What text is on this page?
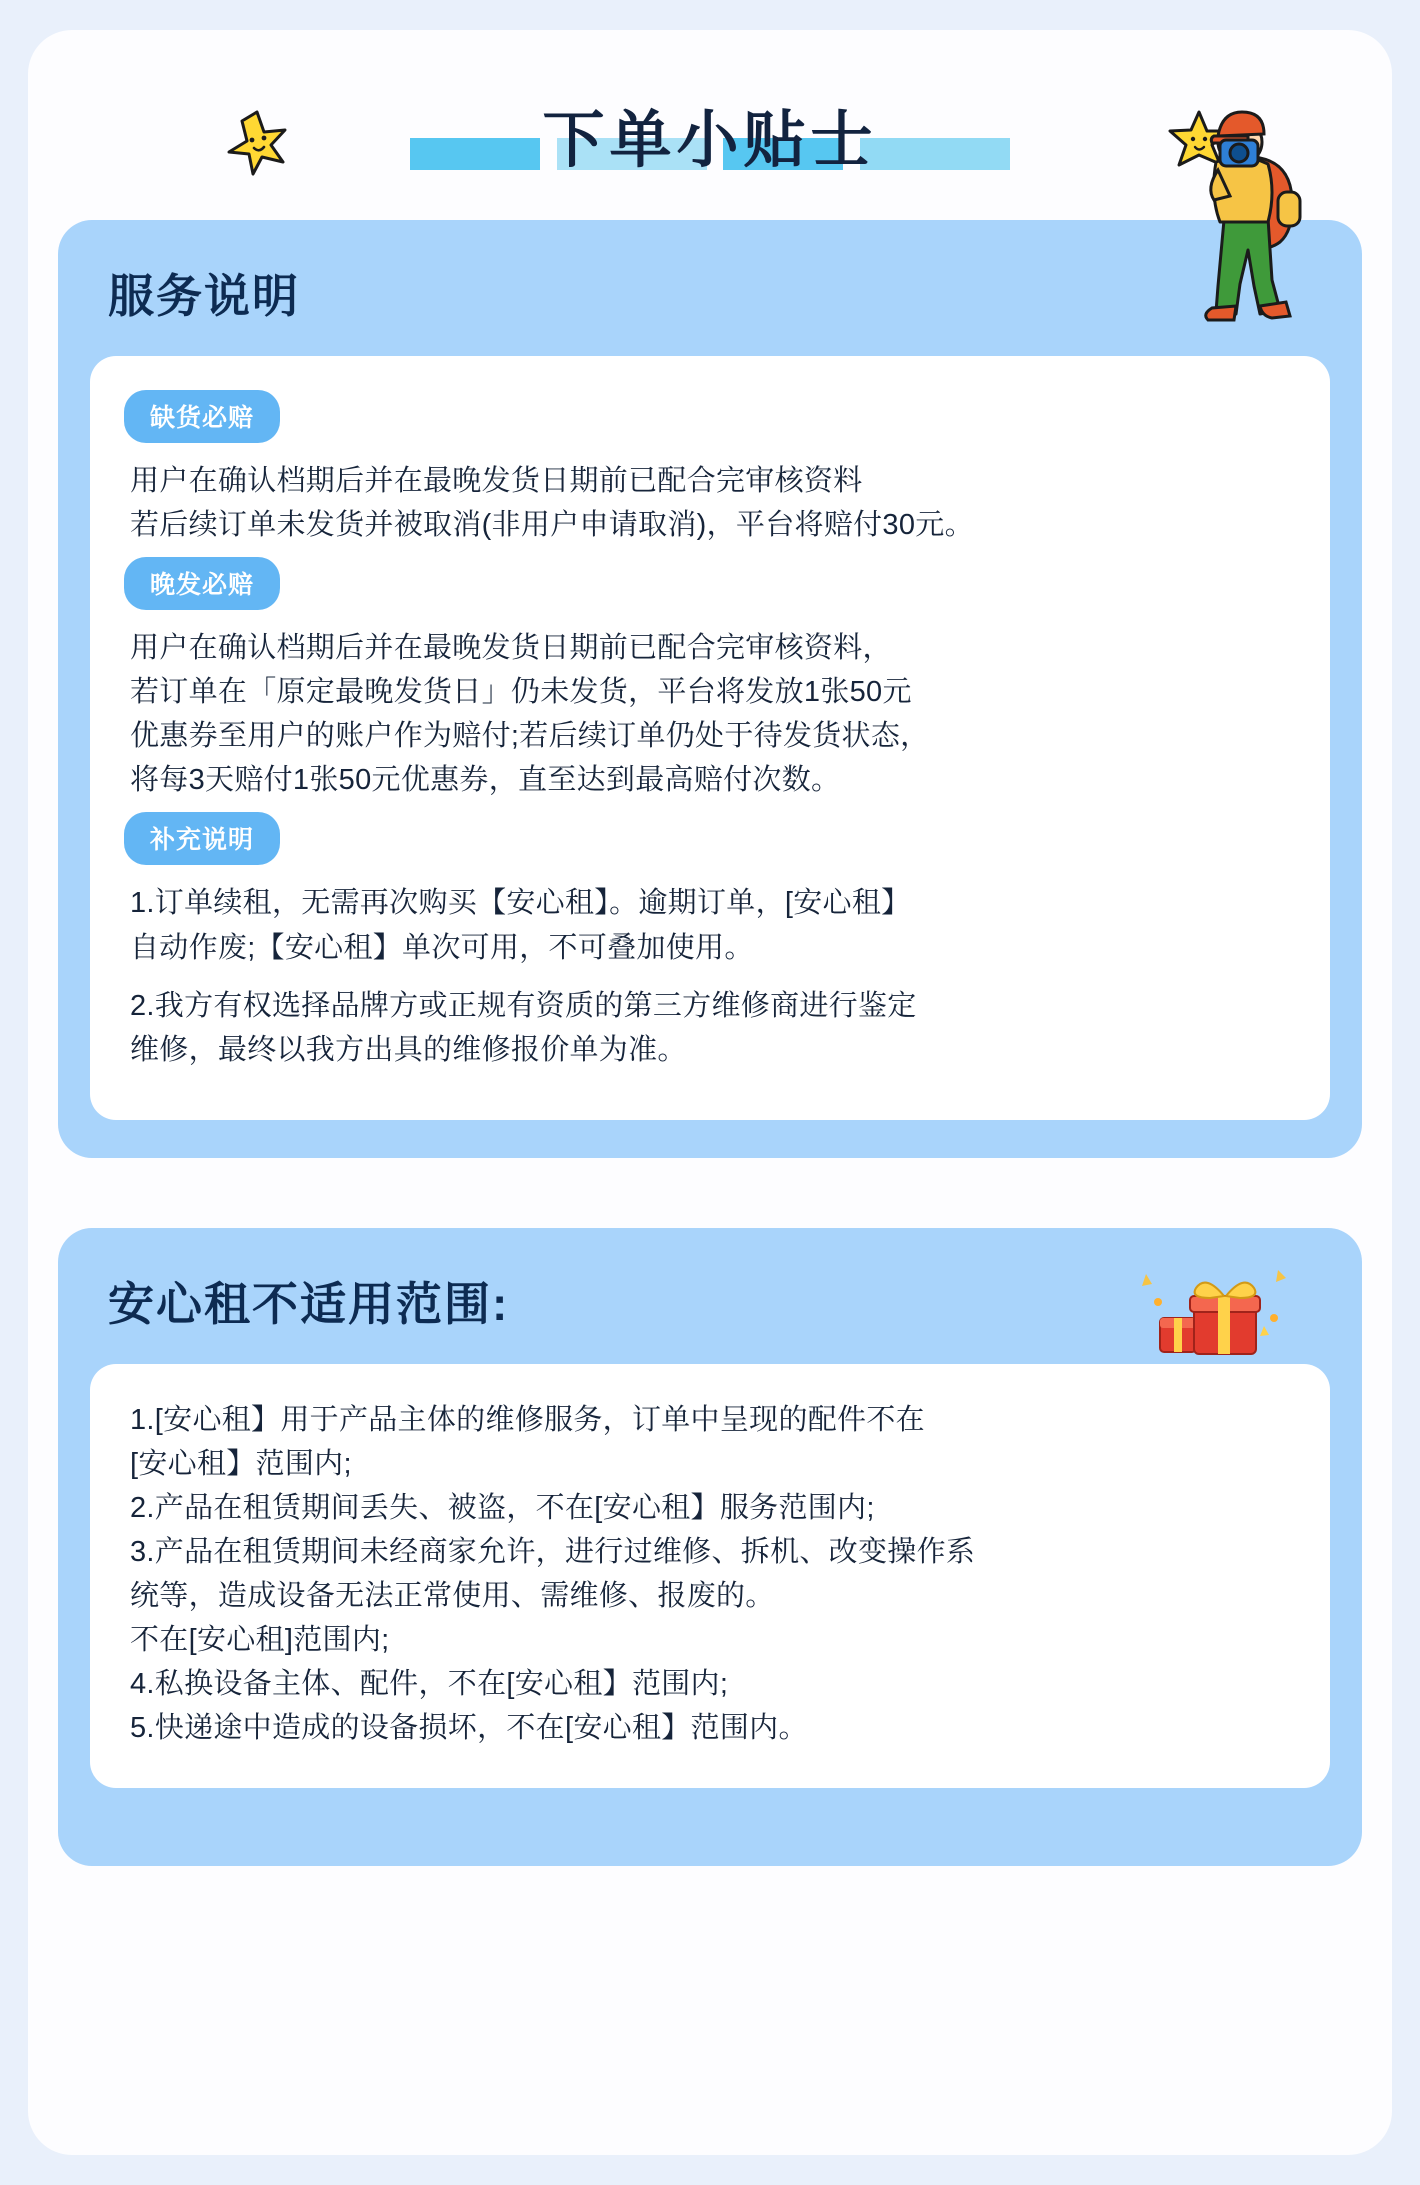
下单小贴士
服务说明
缺货必赔

用户在确认档期后并在最晚发货日期前已配合完审核资料
若后续订单未发货并被取消(非用户申请取消)，平台将赔付30元。

晚发必赔

用户在确认档期后并在最晚发货日期前已配合完审核资料，
若订单在「原定最晚发货日」仍未发货，平台将发放1张50元
优惠券至用户的账户作为赔付;若后续订单仍处于待发货状态，
将每3天赔付1张50元优惠券，直至达到最高赔付次数。

补充说明

1.订单续租，无需再次购买【安心租】。逾期订单，[安心租】
自动作废;【安心租】单次可用，不可叠加使用。

2.我方有权选择品牌方或正规有资质的第三方维修商进行鉴定
维修，最终以我方出具的维修报价单为准。

安心租不适用范围:

1.[安心租】用于产品主体的维修服务，订单中呈现的配件不在
[安心租】范围内;
2.产品在租赁期间丢失、被盗，不在[安心租】服务范围内;
3.产品在租赁期间未经商家允许，进行过维修、拆机、改变操作系
统等，造成设备无法正常使用、需维修、报废的。
不在[安心租]范围内;
4.私换设备主体、配件，不在[安心租】范围内;
5.快递途中造成的设备损坏，不在[安心租】范围内。
